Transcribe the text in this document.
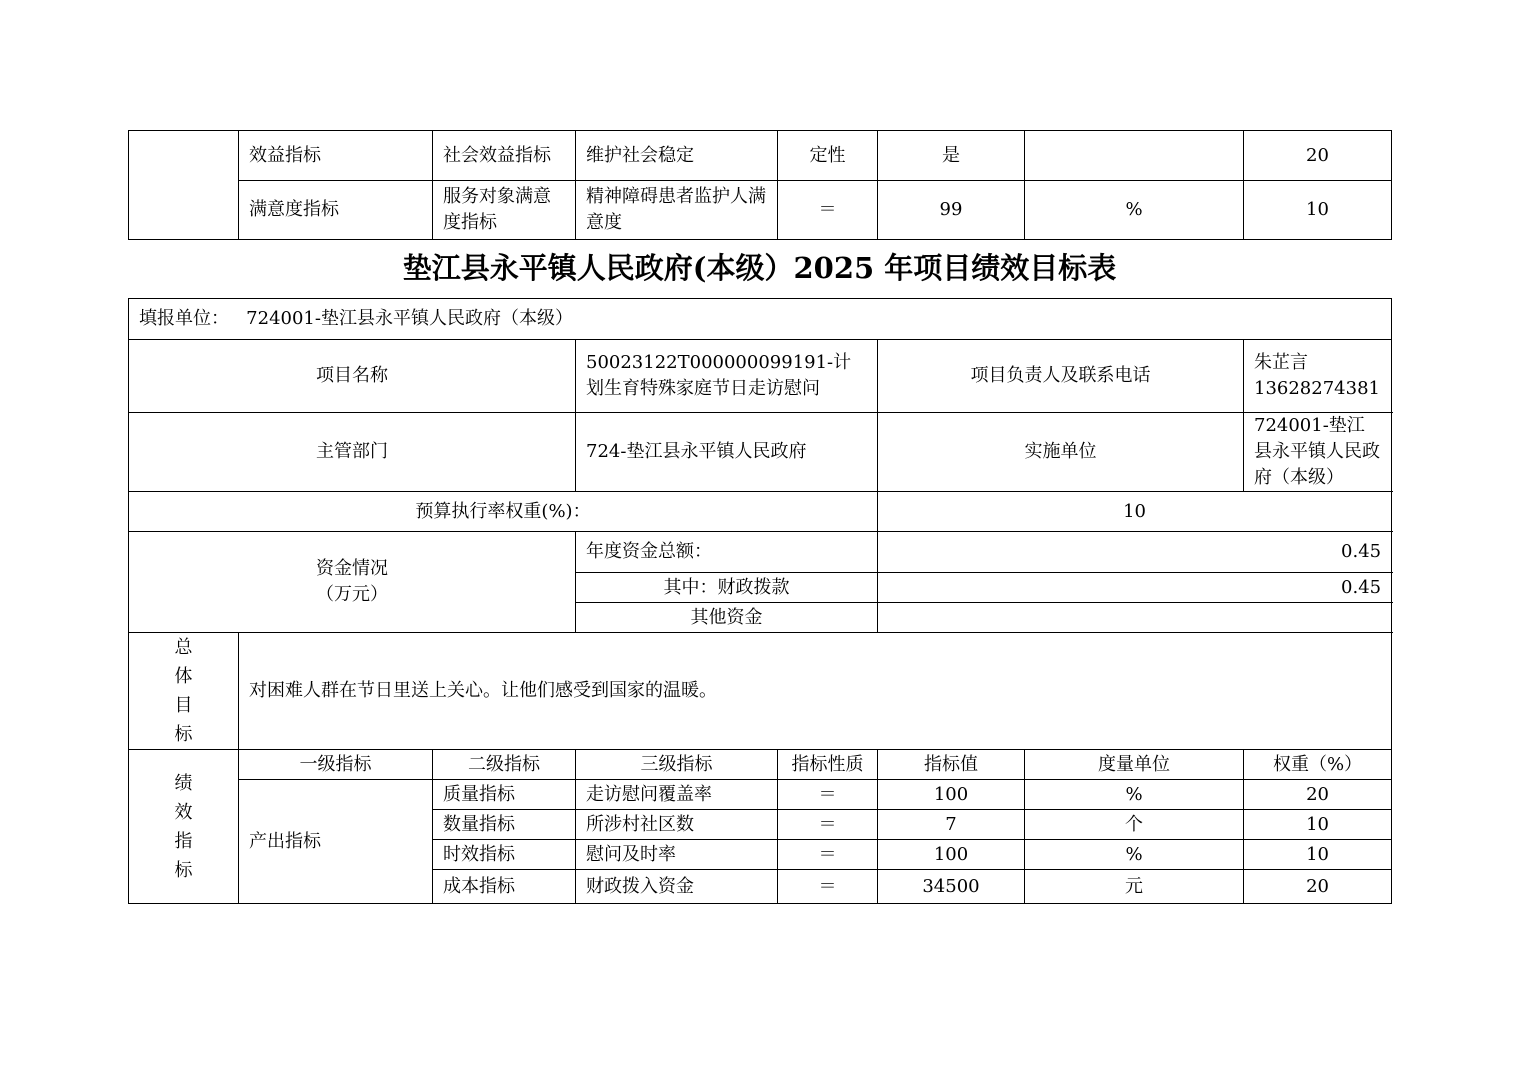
	效益指标	社会效益指标	维护社会稳定	定性	是		20
	满意度指标	服务对象满意度指标	精神障碍患者监护人满意度	＝	99	%	10
垫江县永平镇人民政府(本级）2025 年项目绩效目标表
填报单位： 724001-垫江县永平镇人民政府（本级）							
项目名称			50023122T000000099191-计划生育特殊家庭节日走访慰问		项目负责人及联系电话		朱芷言 13628274381
主管部门			724-垫江县永平镇人民政府		实施单位		724001-垫江县永平镇人民政府（本级）
预算执行率权重(%)：					10		

资金情况
（万元）			年度资金总额：		0.45		
			其中：财政拨款		0.45		
			其他资金				

总
体
目
标	对困难人群在节日里送上关心。让他们感受到国家的温暖。						

绩
效
指
标	一级指标	二级指标	三级指标	指标性质	指标值	度量单位	权重（%）
	产出指标	质量指标	走访慰问覆盖率	＝	100	%	20
		数量指标	所涉村社区数	＝	7	个	10
		时效指标	慰问及时率	＝	100	%	10
		成本指标	财政拨入资金	＝	34500	元	20
